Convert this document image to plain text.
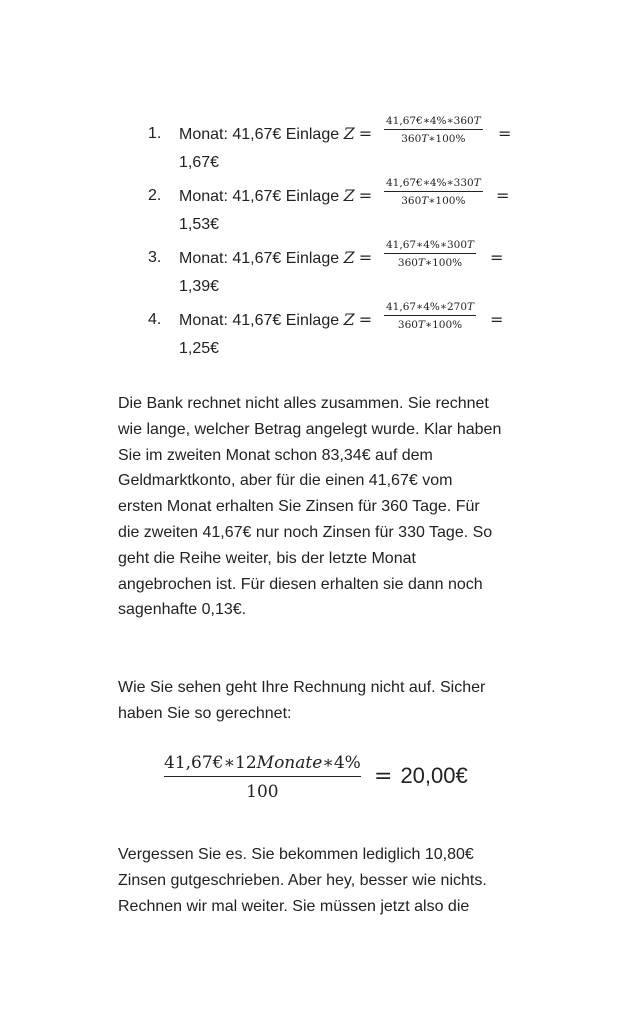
1. Monat: 41,67€ Einlage Z =
41,67€∗4%∗360𝑇
360𝑇∗100%	=
1,67€
2. Monat: 41,67€ Einlage Z =
41,67€∗4%∗330𝑇
360𝑇∗100%	=
1,53€
3. Monat: 41,67€ Einlage Z =
41,67∗4%∗300𝑇
360𝑇∗100%	=
1,39€
4. Monat: 41,67€ Einlage Z =
41,67∗4%∗270𝑇
360𝑇∗100%	=
1,25€
Die Bank rechnet nicht alles zusammen. Sie rechnet
wie lange, welcher Betrag angelegt wurde. Klar haben
Sie im zweiten Monat schon 83,34€ auf dem
Geldmarktkonto, aber für die einen 41,67€ vom
ersten Monat erhalten Sie Zinsen für 360 Tage. Für
die zweiten 41,67€ nur noch Zinsen für 330 Tage. So
geht die Reihe weiter, bis der letzte Monat
angebrochen ist. Für diesen erhalten sie dann noch
sagenhafte 0,13€.
Wie Sie sehen geht Ihre Rechnung nicht auf. Sicher
haben Sie so gerechnet:
41,67€∗12𝑀𝑜𝑛𝑎𝑡𝑒∗4%
100
= 20,00€
Vergessen Sie es. Sie bekommen lediglich 10,80€
Zinsen gutgeschrieben. Aber hey, besser wie nichts.
Rechnen wir mal weiter. Sie müssen jetzt also die
